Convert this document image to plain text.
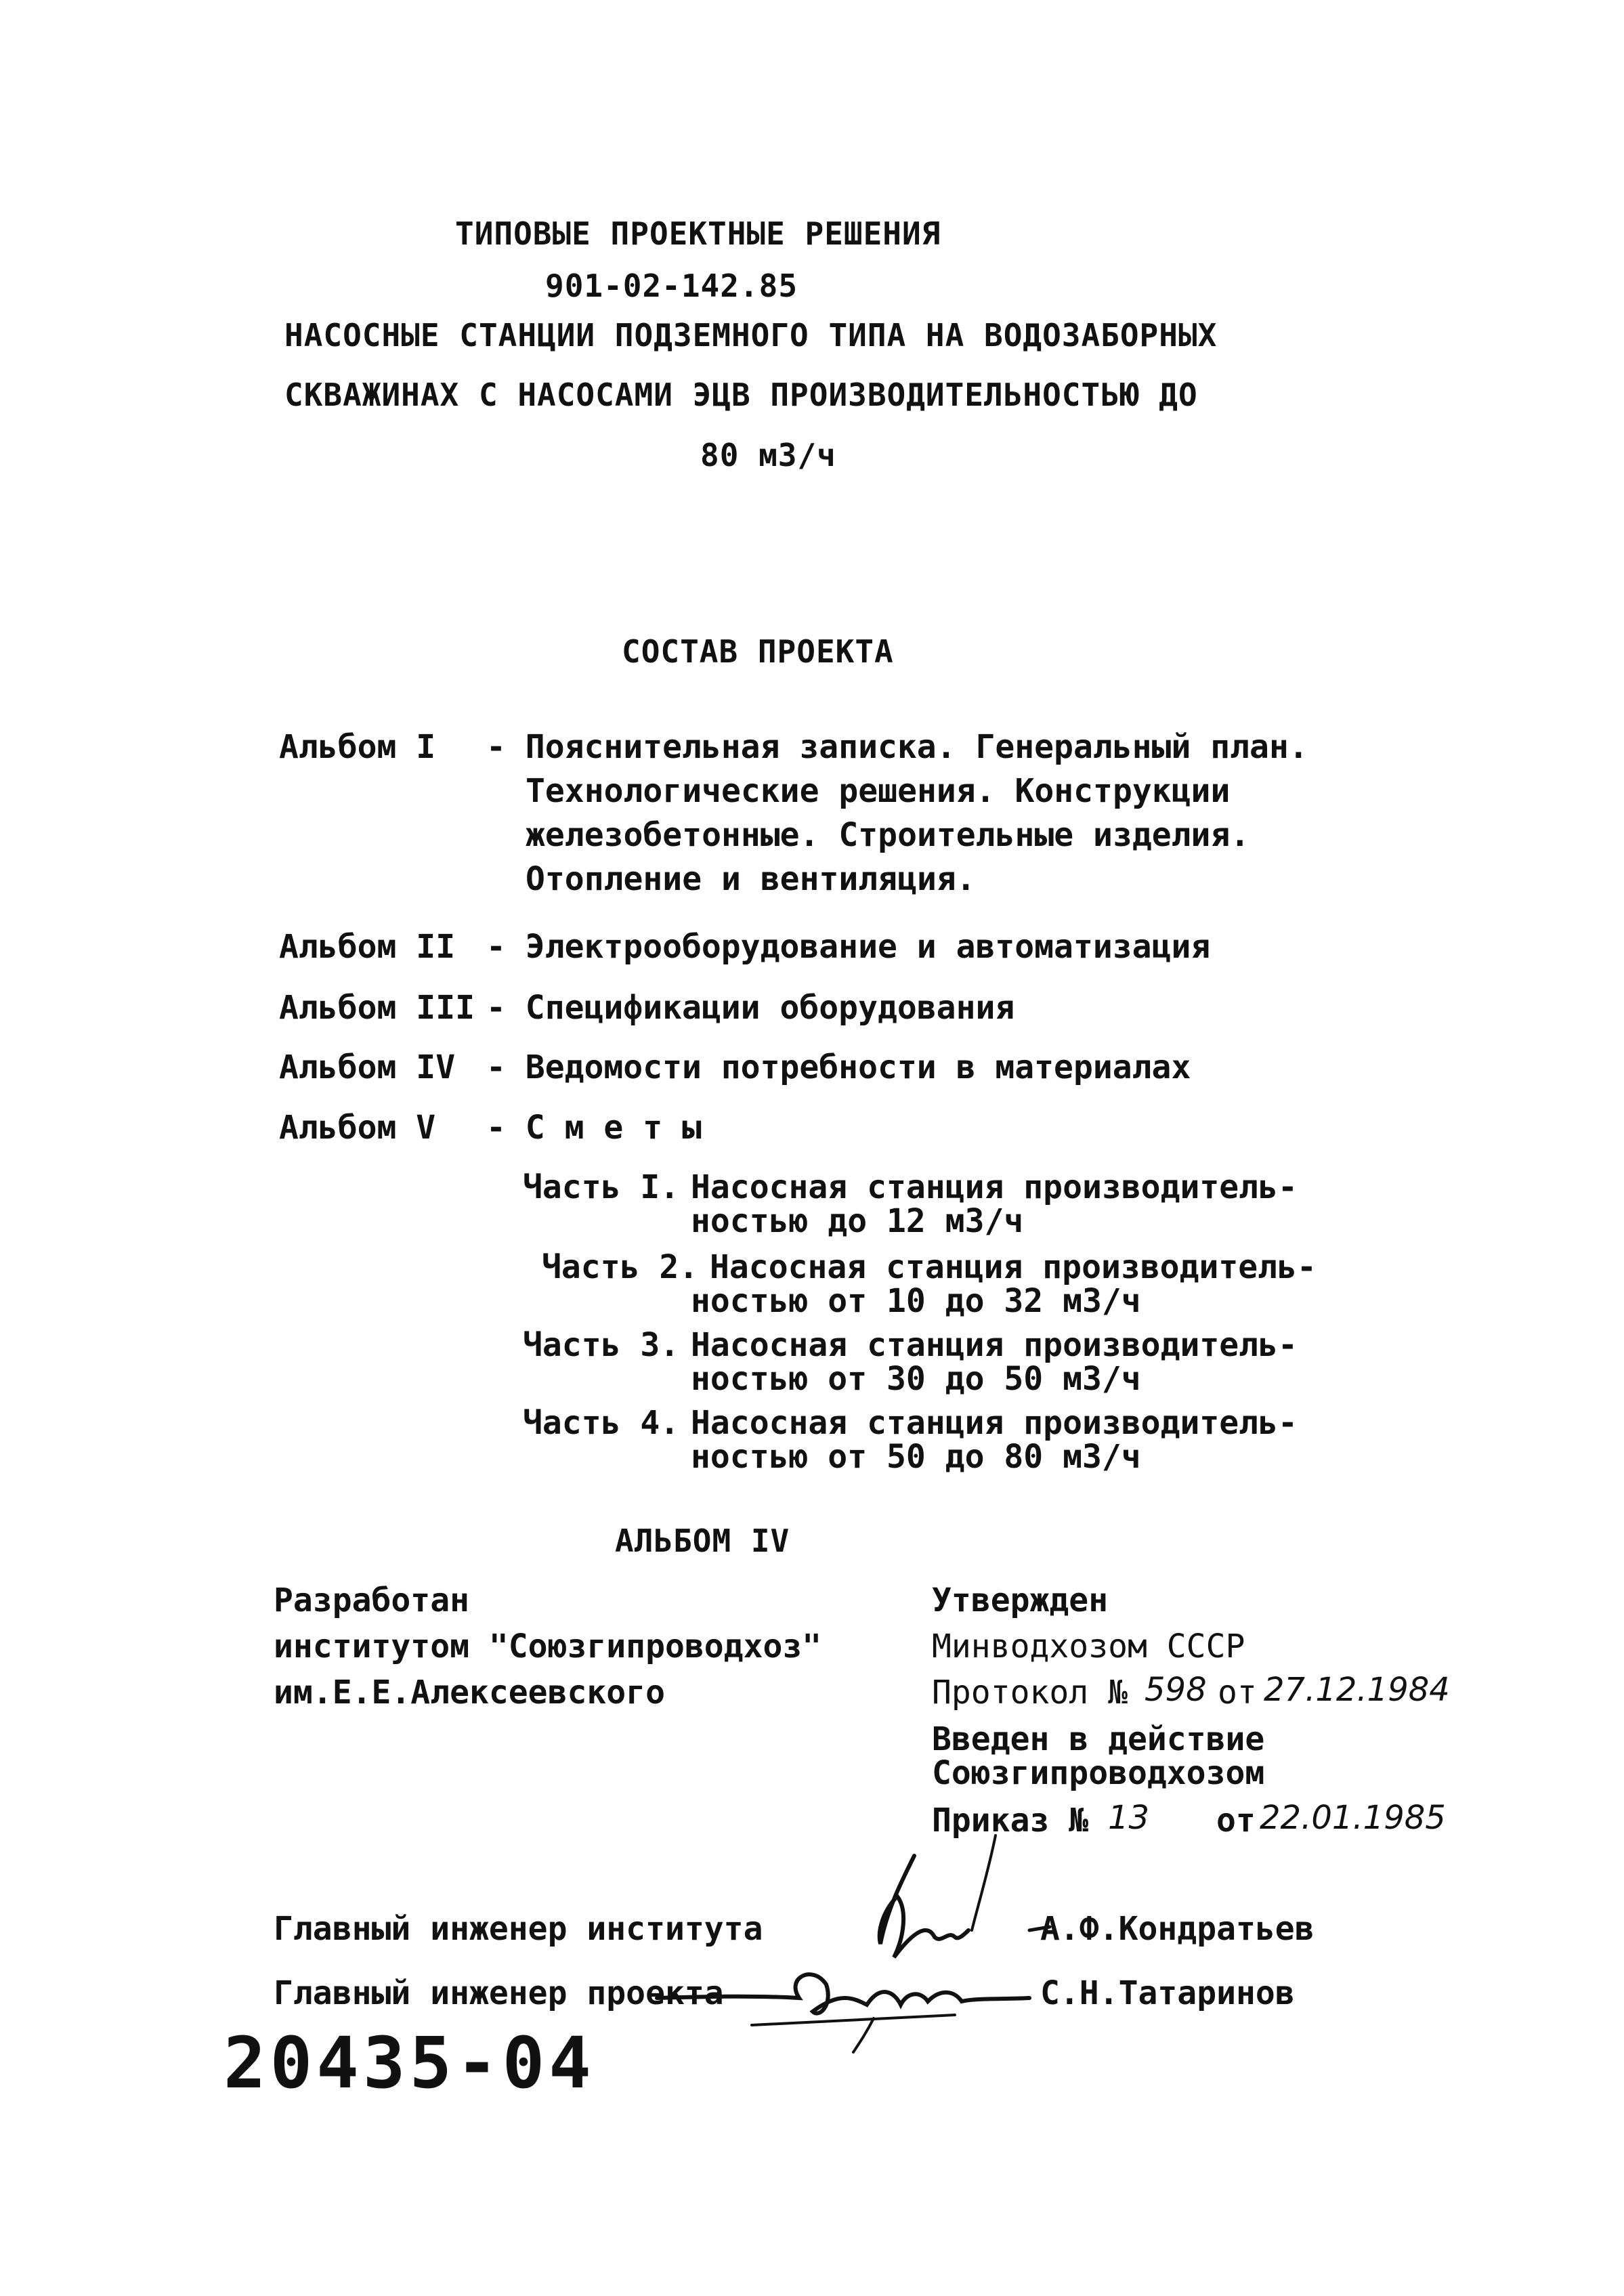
ТИПОВЫЕ ПРОЕКТНЫЕ РЕШЕНИЯ
901-02-142.85
НАСОСНЫЕ СТАНЦИИ ПОДЗЕМНОГО ТИПА НА ВОДОЗАБОРНЫХ
СКВАЖИНАХ С НАСОСАМИ ЭЦВ ПРОИЗВОДИТЕЛЬНОСТЬЮ ДО
80 м3/ч
СОСТАВ ПРОЕКТА
Альбом I - Пояснительная записка. Генеральный план.
Технологические решения. Конструкции
железобетонные. Строительные изделия.
Отопление и вентиляция.
Альбом II - Электрооборудование и автоматизация
Альбом III - Спецификации оборудования
Альбом IV - Ведомости потребности в материалах
Альбом V - С м е т ы
Часть I. Насосная станция производитель-
ностью до 12 м3/ч
Часть 2. Насосная станция производитель-
ностью от 10 до 32 м3/ч
Часть 3. Насосная станция производитель-
ностью от 30 до 50 м3/ч
Часть 4. Насосная станция производитель-
ностью от 50 до 80 м3/ч
АЛЬБОМ IV
Разработан
институтом "Союзгипроводхоз"
им.Е.Е.Алексеевского
Утвержден
Минводхозом СССР
Протокол № 598 от 27.12.1984
Введен в действие
Союзгипроводхозом
Приказ № 13 от 22.01.1985
Главный инженер института	А.Ф.Кондратьев
Главный инженер проекта	С.Н.Татаринов
20435-04
